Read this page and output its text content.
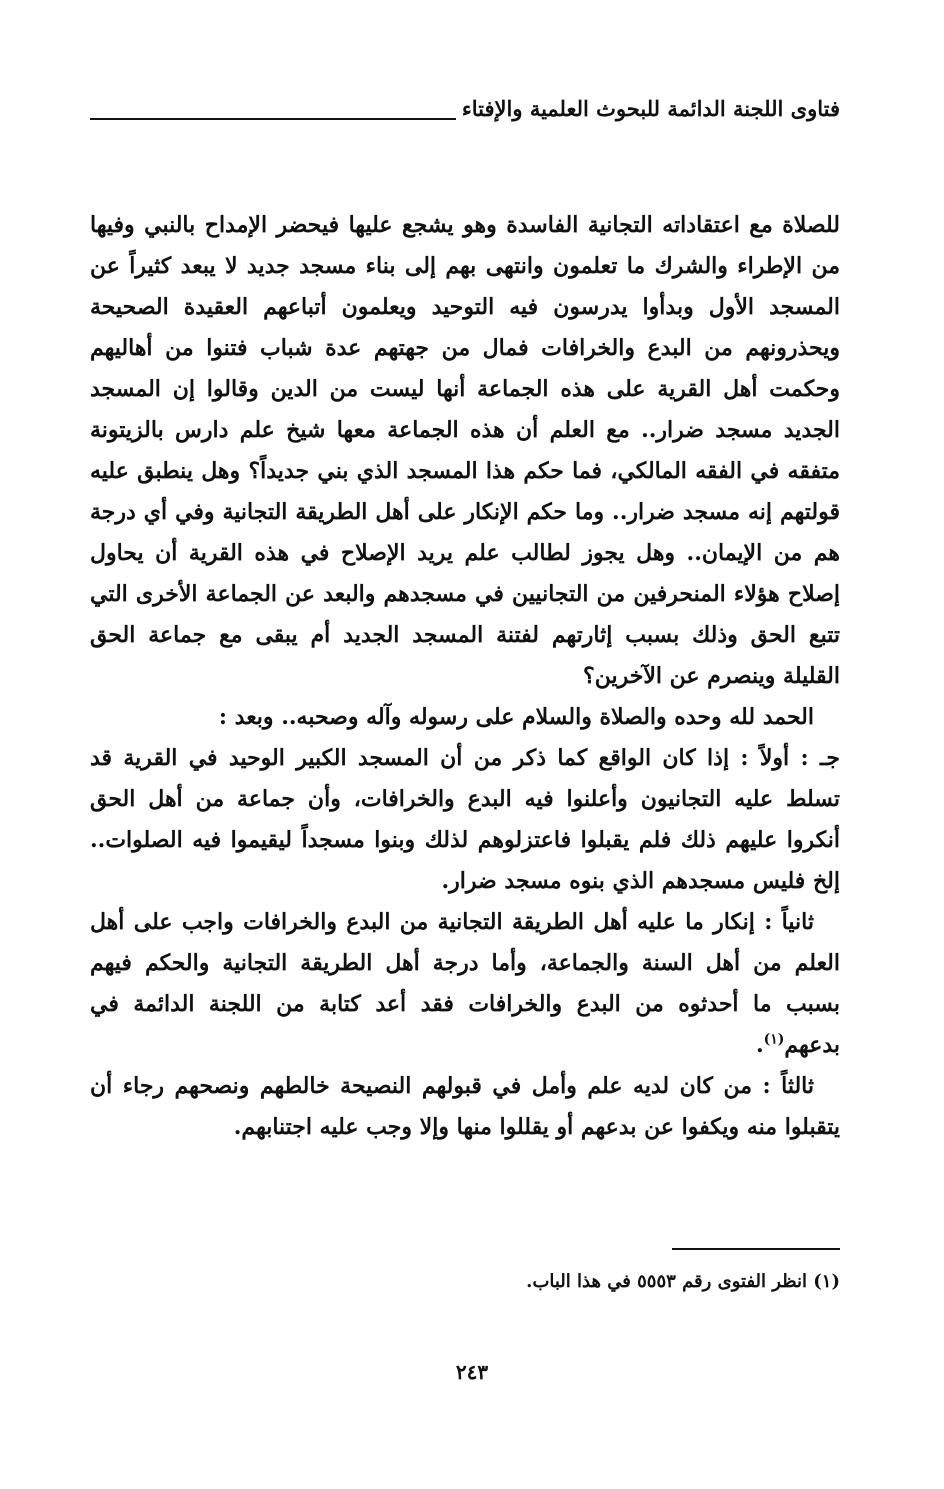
فتاوى اللجنة الدائمة للبحوث العلمية والإفتاء

للصلاة مع اعتقاداته التجانية الفاسدة وهو يشجع عليها فيحضر الإمداح بالنبي وفيها من الإطراء والشرك ما تعلمون وانتهى بهم إلى بناء مسجد جديد لا يبعد كثيراً عن المسجد الأول وبدأوا يدرسون فيه التوحيد ويعلمون أتباعهم العقيدة الصحيحة ويحذرونهم من البدع والخرافات فمال من جهتهم عدة شباب فتنوا من أهاليهم وحكمت أهل القرية على هذه الجماعة أنها ليست من الدين وقالوا إن المسجد الجديد مسجد ضرار.. مع العلم أن هذه الجماعة معها شيخ علم دارس بالزيتونة متفقه في الفقه المالكي، فما حكم هذا المسجد الذي بني جديداً؟ وهل ينطبق عليه قولتهم إنه مسجد ضرار.. وما حكم الإنكار على أهل الطريقة التجانية وفي أي درجة هم من الإيمان.. وهل يجوز لطالب علم يريد الإصلاح في هذه القرية أن يحاول إصلاح هؤلاء المنحرفين من التجانيين في مسجدهم والبعد عن الجماعة الأخرى التي تتبع الحق وذلك بسبب إثارتهم لفتنة المسجد الجديد أم يبقى مع جماعة الحق القليلة وينصرم عن الآخرين؟

الحمد لله وحده والصلاة والسلام على رسوله وآله وصحبه.. وبعد :

جـ : أولاً : إذا كان الواقع كما ذكر من أن المسجد الكبير الوحيد في القرية قد تسلط عليه التجانيون وأعلنوا فيه البدع والخرافات، وأن جماعة من أهل الحق أنكروا عليهم ذلك فلم يقبلوا فاعتزلوهم لذلك وبنوا مسجداً ليقيموا فيه الصلوات.. إلخ فليس مسجدهم الذي بنوه مسجد ضرار.

ثانياً : إنكار ما عليه أهل الطريقة التجانية من البدع والخرافات واجب على أهل العلم من أهل السنة والجماعة، وأما درجة أهل الطريقة التجانية والحكم فيهم بسبب ما أحدثوه من البدع والخرافات فقد أعد كتابة من اللجنة الدائمة في بدعهم$^{(١)}$.

ثالثاً : من كان لديه علم وأمل في قبولهم النصيحة خالطهم ونصحهم رجاء أن يتقبلوا منه ويكفوا عن بدعهم أو يقللوا منها وإلا وجب عليه اجتنابهم.

(١) انظر الفتوى رقم ٥٥٥٣ في هذا الباب.
٢٤٣
